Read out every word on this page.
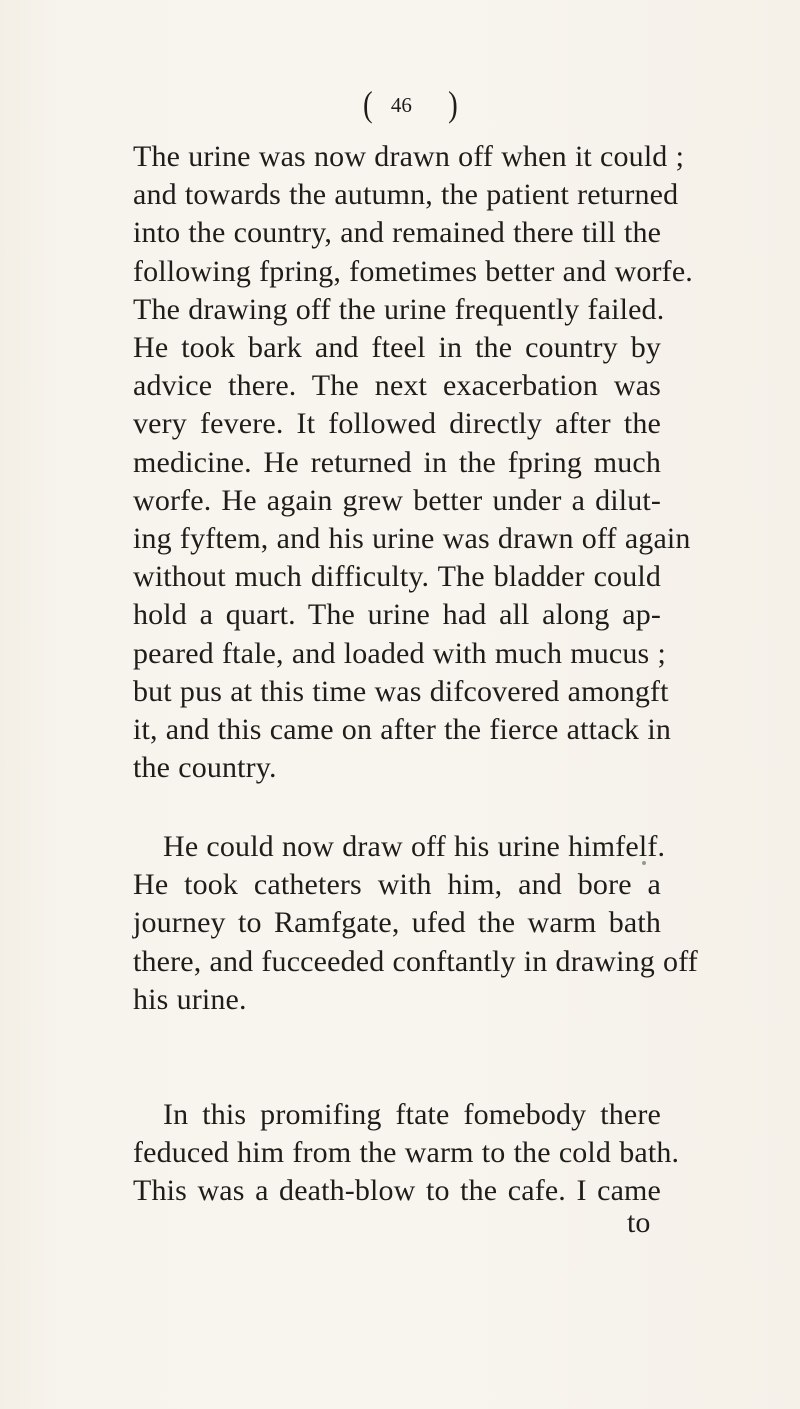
( 46 )
The urine was now drawn off when it could ;
and towards the autumn, the patient returned
into the country, and remained there till the
following fpring, fometimes better and worfe.
The drawing off the urine frequently failed.
He took bark and fteel in the country by
advice there. The next exacerbation was
very fevere. It followed directly after the
medicine. He returned in the fpring much
worfe. He again grew better under a dilut-
ing fyftem, and his urine was drawn off again
without much difficulty. The bladder could
hold a quart. The urine had all along ap-
peared ftale, and loaded with much mucus ;
but pus at this time was difcovered amongft
it, and this came on after the fierce attack in
the country.
He could now draw off his urine himfelf.
He took catheters with him, and bore a
journey to Ramfgate, ufed the warm bath
there, and fucceeded conftantly in drawing off
his urine.
In this promifing ftate fomebody there
feduced him from the warm to the cold bath.
This was a death-blow to the cafe. I came
to
